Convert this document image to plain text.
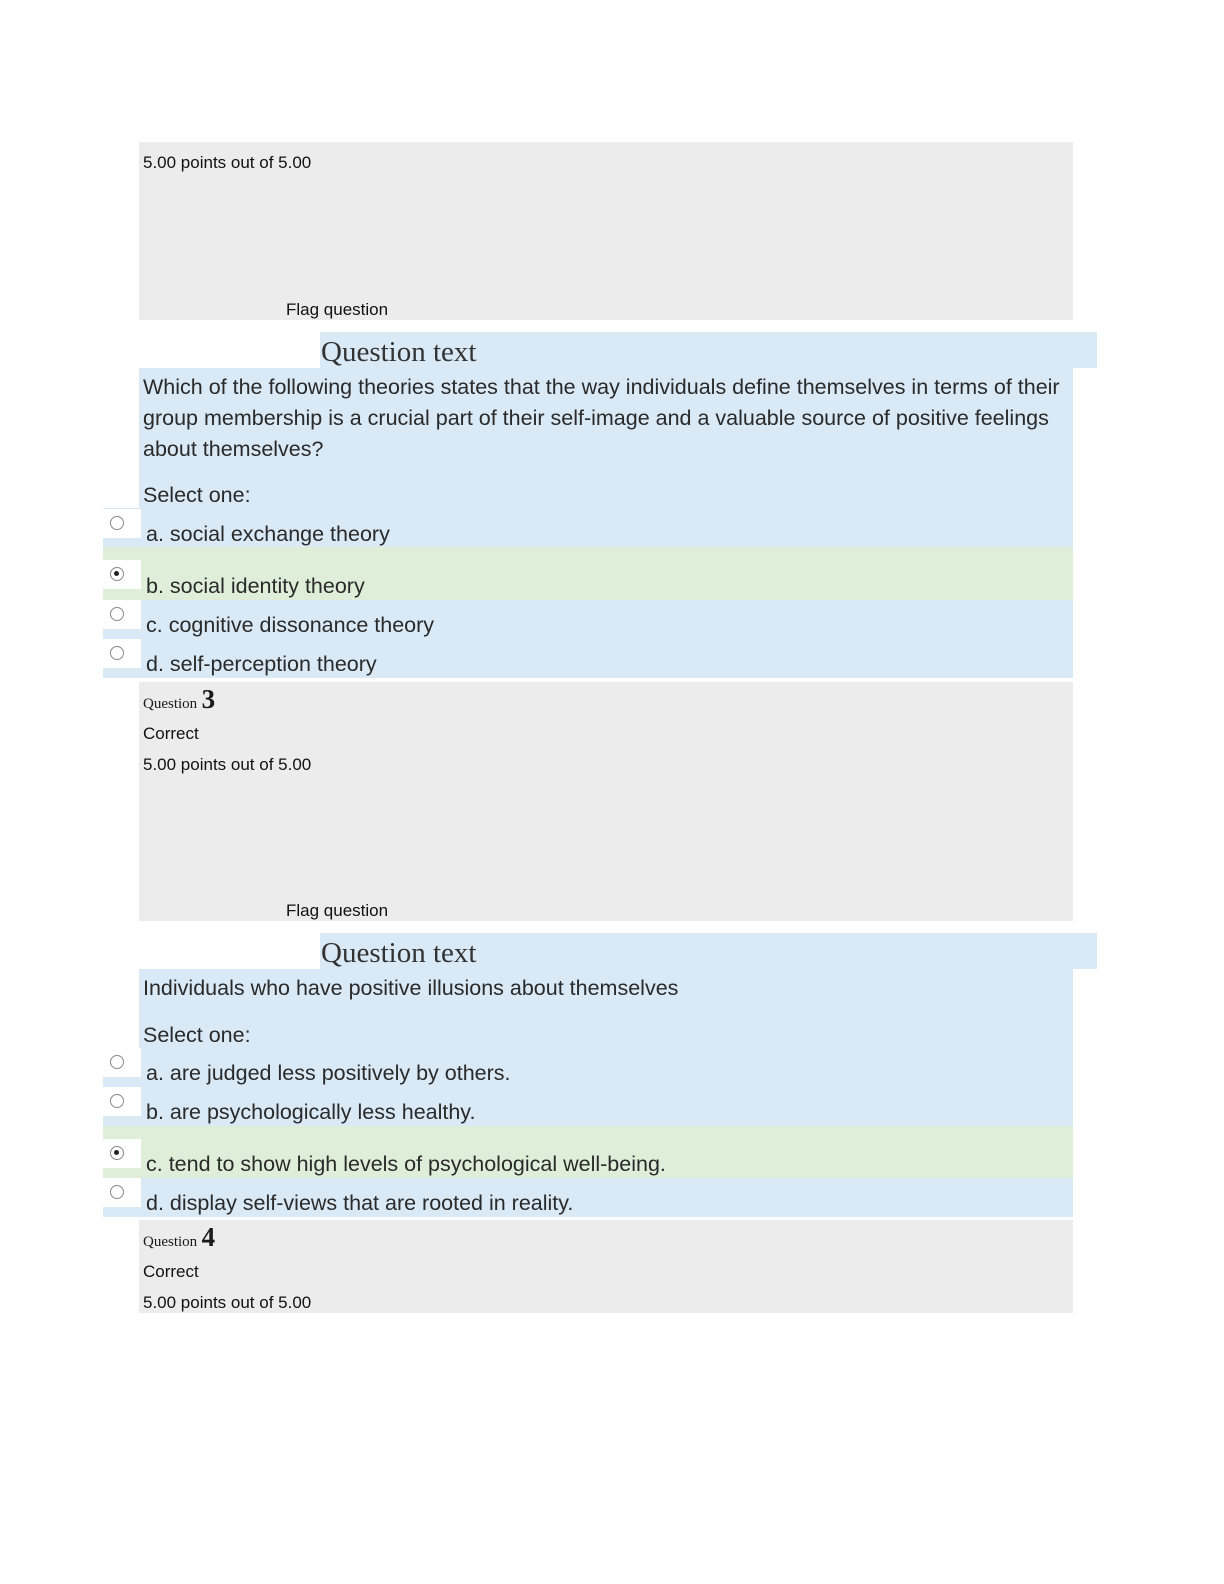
5.00 points out of 5.00
Flag question
Question text
Which of the following theories states that the way individuals define themselves in terms of their group membership is a crucial part of their self-image and a valuable source of positive feelings about themselves?
Select one:
a. social exchange theory
b. social identity theory
c. cognitive dissonance theory
d. self-perception theory
Question 3
Correct
5.00 points out of 5.00
Flag question
Question text
Individuals who have positive illusions about themselves
Select one:
a. are judged less positively by others.
b. are psychologically less healthy.
c. tend to show high levels of psychological well-being.
d. display self-views that are rooted in reality.
Question 4
Correct
5.00 points out of 5.00
